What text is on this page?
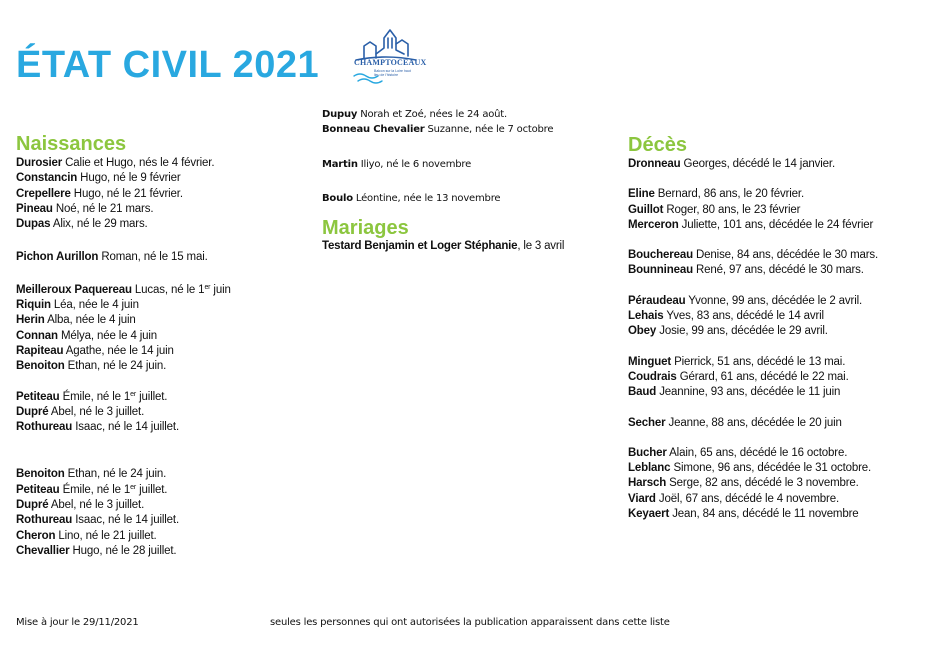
ÉTAT CIVIL 2021	CHAMPTOCEAUX
Balcon sur la Loire haut lieu de l'histoire
Naissances
Durosier Calie et Hugo, nés le 4 février.
Constancin Hugo, né le 9 février
Crepellere Hugo, né le 21 février.
Pineau Noé, né le 21 mars.
Dupas Alix, né le 29 mars.
Pichon Aurillon Roman, né le 15 mai.
Meilleroux Paquereau Lucas, né le 1er juin
Riquin Léa, née le 4 juin
Herin Alba, née le 4 juin
Connan Mélya, née le 4 juin
Rapiteau Agathe, née le 14 juin
Benoiton Ethan, né le 24 juin.
Petiteau Émile, né le 1er juillet.
Dupré Abel, né le 3 juillet.
Rothureau Isaac, né le 14 juillet.
Benoiton Ethan, né le 24 juin.
Petiteau Émile, né le 1er juillet.
Dupré Abel, né le 3 juillet.
Rothureau Isaac, né le 14 juillet.
Cheron Lino, né le 21 juillet.
Chevallier Hugo, né le 28 juillet.
Dupuy Norah et Zoé, nées le 24 août.
Bonneau Chevalier Suzanne, née le 7 octobre
Martin Iliyo, né le 6 novembre
Boulo Léontine, née le 13 novembre
Mariages
Testard Benjamin et Loger Stéphanie, le 3 avril
Décès
Dronneau Georges, décédé le 14 janvier.
Eline Bernard, 86 ans, le 20 février.
Guillot Roger, 80 ans, le 23 février
Merceron Juliette, 101 ans, décédée le 24 février
Bouchereau Denise, 84 ans, décédée le 30 mars.
Bounnineau René, 97 ans, décédé le 30 mars.
Péraudeau Yvonne, 99 ans, décédée le 2 avril.
Lehais Yves, 83 ans, décédé le 14 avril
Obey Josie, 99 ans, décédée le 29 avril.
Minguet Pierrick, 51 ans, décédé le 13 mai.
Coudrais Gérard, 61 ans, décédé le 22 mai.
Baud Jeannine, 93 ans, décédée le 11 juin
Secher Jeanne, 88 ans, décédée le 20 juin
Bucher Alain, 65 ans, décédé le 16 octobre.
Leblanc Simone, 96 ans, décédée le 31 octobre.
Harsch Serge, 82 ans, décédé le 3 novembre.
Viard Joël, 67 ans, décédé le 4 novembre.
Keyaert Jean, 84 ans, décédé le 11 novembre
Mise à jour le 29/11/2021	seules les personnes qui ont autorisées la publication apparaissent dans cette liste
